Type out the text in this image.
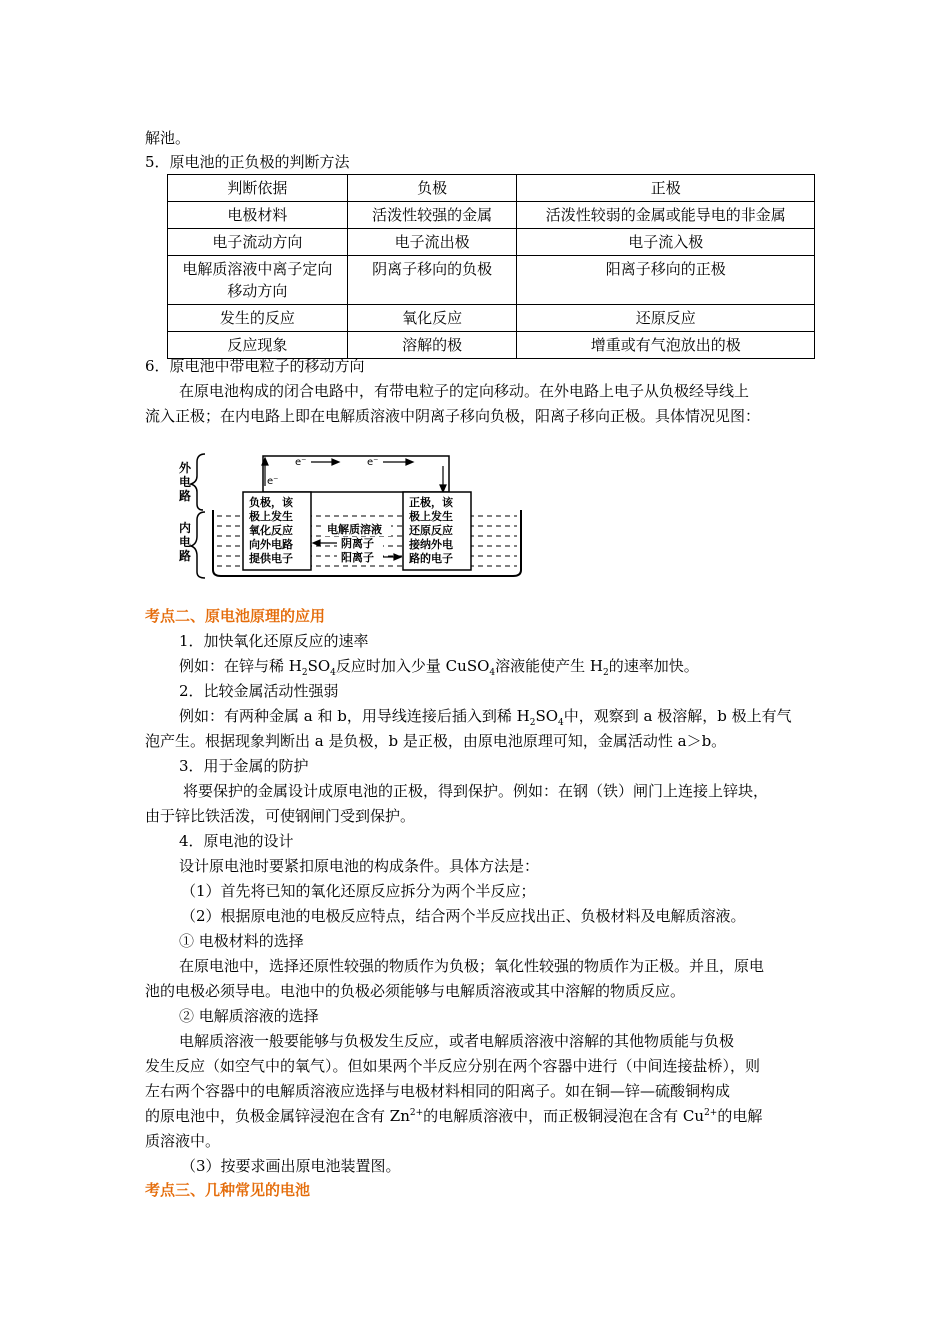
解池。
5．原电池的正负极的判断方法
判断依据	负极	正极
电极材料	活泼性较强的金属	活泼性较弱的金属或能导电的非金属
电子流动方向	电子流出极	电子流入极
电解质溶液中离子定向移动方向	阴离子移向的负极	阳离子移向的正极
发生的反应	氧化反应	还原反应
反应现象	溶解的极	增重或有气泡放出的极
6．原电池中带电粒子的移动方向
在原电池构成的闭合电路中，有带电粒子的定向移动。在外电路上电子从负极经导线上
流入正极；在内电路上即在电解质溶液中阴离子移向负极，阳离子移向正极。具体情况见图：
外电路
内电路
e⁻	e⁻
e⁻
负极，该
极上发生
氧化反应
向外电路
提供电子
正极，该
极上发生
还原反应
接纳外电
路的电子
电解质溶液
阴离子
阳离子
考点二、原电池原理的应用
1．加快氧化还原反应的速率
例如：在锌与稀 $H_2SO_4$反应时加入少量 CuSO$_4$溶液能使产生 $H_2$的速率加快。
2．比较金属活动性强弱
例如：有两种金属 a 和 b，用导线连接后插入到稀 $H_2SO_4$中，观察到 a 极溶解，b 极上有气
泡产生。根据现象判断出 a 是负极，b 是正极，由原电池原理可知，金属活动性 a＞b。
3．用于金属的防护
将要保护的金属设计成原电池的正极，得到保护。例如：在钢（铁）闸门上连接上锌块，
由于锌比铁活泼，可使钢闸门受到保护。
4．原电池的设计
设计原电池时要紧扣原电池的构成条件。具体方法是：
（1）首先将已知的氧化还原反应拆分为两个半反应；
（2）根据原电池的电极反应特点，结合两个半反应找出正、负极材料及电解质溶液。
① 电极材料的选择
在原电池中，选择还原性较强的物质作为负极；氧化性较强的物质作为正极。并且，原电
池的电极必须导电。电池中的负极必须能够与电解质溶液或其中溶解的物质反应。
② 电解质溶液的选择
电解质溶液一般要能够与负极发生反应，或者电解质溶液中溶解的其他物质能与负极
发生反应（如空气中的氧气）。但如果两个半反应分别在两个容器中进行（中间连接盐桥），则
左右两个容器中的电解质溶液应选择与电极材料相同的阳离子。如在铜—锌—硫酸铜构成
的原电池中，负极金属锌浸泡在含有 $Zn^{2+}$的电解质溶液中，而正极铜浸泡在含有 $Cu^{2+}$的电解
质溶液中。
（3）按要求画出原电池装置图。
考点三、几种常见的电池
